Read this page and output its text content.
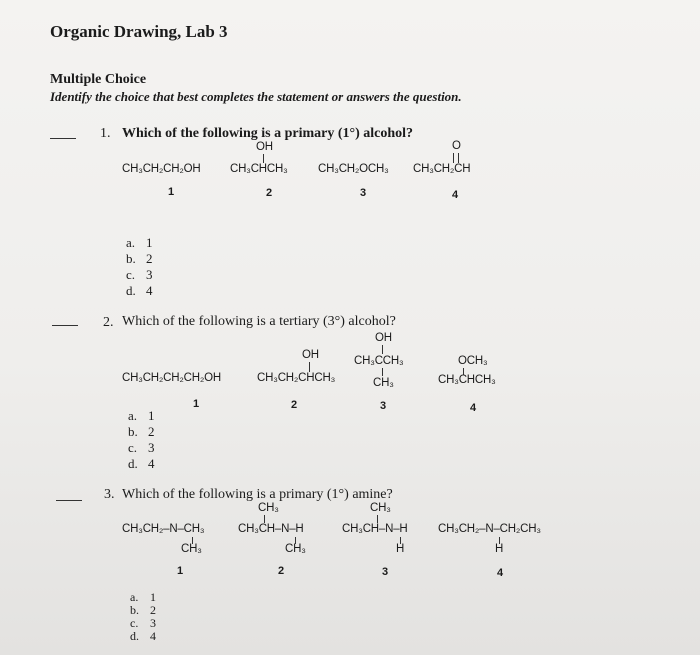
Organic Drawing, Lab 3
Multiple Choice
Identify the choice that best completes the statement or answers the question.
1. Which of the following is a primary (1°) alcohol?
CH₃CH₂CH₂OH
OH
CH₃CHCH₃	CH₃CH₂OCH₃
O
CH₃CH₂CH
1	2	3	4
a. 1
b. 2
c. 3
d. 4
2. Which of the following is a tertiary (3°) alcohol?
CH₃CH₂CH₂CH₂OH
OH
CH₃CH₂CHCH₃
OH
CH₃CCH₃
CH₃
OCH₃
CH₃CHCH₃
1	2	3	4
a. 1
b. 2
c. 3
d. 4
3. Which of the following is a primary (1°) amine?
CH₃CH₂–N–CH₃
CH₃
CH₃
CH₃CH–N–H
CH₃
CH₃
CH₃CH–N–H
H
CH₃CH₂–N–CH₂CH₃
H
1	2	3	4
a. 1
b. 2
c. 3
d. 4
